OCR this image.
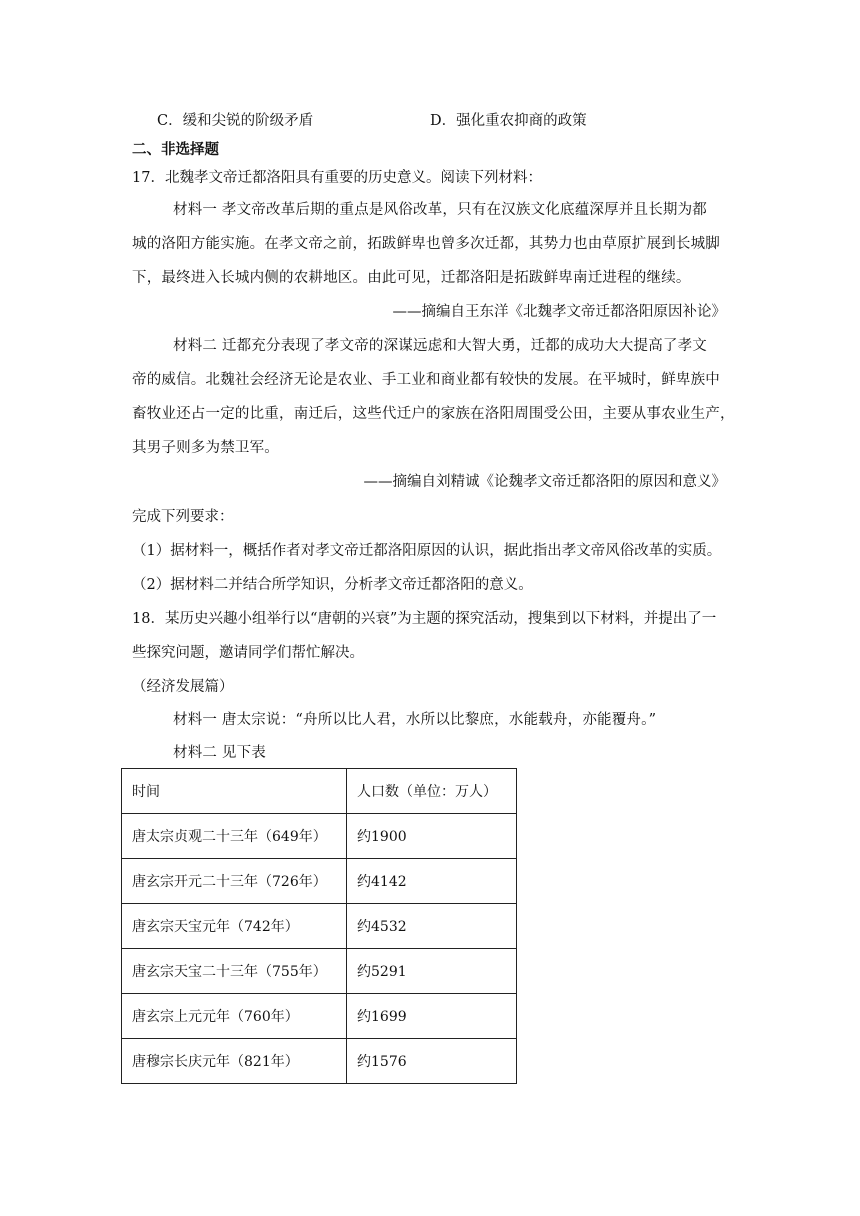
C．缓和尖锐的阶级矛盾	D．强化重农抑商的政策
二、非选择题
17．北魏孝文帝迁都洛阳具有重要的历史意义。阅读下列材料：
材料一 孝文帝改革后期的重点是风俗改革，只有在汉族文化底蕴深厚并且长期为都
城的洛阳方能实施。在孝文帝之前，拓跋鲜卑也曾多次迁都，其势力也由草原扩展到长城脚
下，最终进入长城内侧的农耕地区。由此可见，迁都洛阳是拓跋鲜卑南迁进程的继续。
——摘编自王东洋《北魏孝文帝迁都洛阳原因补论》
材料二 迁都充分表现了孝文帝的深谋远虑和大智大勇，迁都的成功大大提高了孝文
帝的威信。北魏社会经济无论是农业、手工业和商业都有较快的发展。在平城时，鲜卑族中
畜牧业还占一定的比重，南迁后，这些代迁户的家族在洛阳周围受公田，主要从事农业生产，
其男子则多为禁卫军。
——摘编自刘精诚《论魏孝文帝迁都洛阳的原因和意义》
完成下列要求：
（1）据材料一，概括作者对孝文帝迁都洛阳原因的认识，据此指出孝文帝风俗改革的实质。
（2）据材料二并结合所学知识，分析孝文帝迁都洛阳的意义。
18．某历史兴趣小组举行以“唐朝的兴衰”为主题的探究活动，搜集到以下材料，并提出了一
些探究问题，邀请同学们帮忙解决。
（经济发展篇）
材料一 唐太宗说：“舟所以比人君，水所以比黎庶，水能载舟，亦能覆舟。”
材料二 见下表
时间	人口数（单位：万人）
唐太宗贞观二十三年（649年）	约1900
唐玄宗开元二十三年（726年）	约4142
唐玄宗天宝元年（742年）	约4532
唐玄宗天宝二十三年（755年）	约5291
唐玄宗上元元年（760年）	约1699
唐穆宗长庆元年（821年）	约1576
